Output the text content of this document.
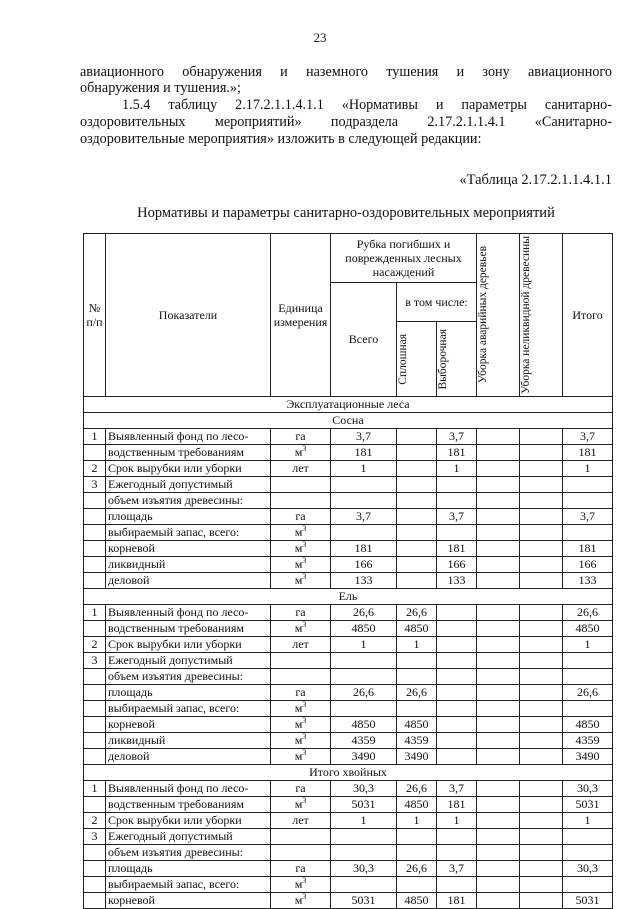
23
авиационного обнаружения и наземного тушения и зону авиационного
обнаружения и тушения.»;
1.5.4 таблицу 2.17.2.1.1.4.1.1 «Нормативы и параметры санитарно-оздоровительных мероприятий» подраздела 2.17.2.1.1.4.1 «Санитарно-оздоровительные мероприятия» изложить в следующей редакции:
«Таблица 2.17.2.1.1.4.1.1
Нормативы и параметры санитарно-оздоровительных мероприятий
№ п/п	Показатели	Единица измерения	Рубка погибших и поврежденных лесных насаждений			Уборка аварийных деревьев	Уборка неликвидной древесины	Итого
			Всего	в том числе:				

				Сплошная	Выборочная			

Эксплуатационные леса								
Сосна								
1	Выявленный фонд по лесо-	га	3,7		3,7			3,7
	водственным требованиям	$м^3$	181		181			181
2	Срок вырубки или уборки	лет	1		1			1
3	Ежегодный допустимый							
	объем изъятия древесины:							
	площадь	га	3,7		3,7			3,7
	выбираемый запас, всего:	$м^3$						
	корневой	$м^3$	181		181			181
	ликвидный	$м^3$	166		166			166
	деловой	$м^3$	133		133			133
Ель								
1	Выявленный фонд по лесо-	га	26,6	26,6				26,6
	водственным требованиям	$м^3$	4850	4850				4850
2	Срок вырубки или уборки	лет	1	1				1
3	Ежегодный допустимый							
	объем изъятия древесины:							
	площадь	га	26,6	26,6				26,6
	выбираемый запас, всего:	$м^3$						
	корневой	$м^3$	4850	4850				4850
	ликвидный	$м^3$	4359	4359				4359
	деловой	$м^3$	3490	3490				3490
Итого хвойных								
1	Выявленный фонд по лесо-	га	30,3	26,6	3,7			30,3
	водственным требованиям	$м^3$	5031	4850	181			5031
2	Срок вырубки или уборки	лет	1	1	1			1
3	Ежегодный допустимый							
	объем изъятия древесины:							
	площадь	га	30,3	26,6	3,7			30,3
	выбираемый запас, всего:	$м^3$						
	корневой	$м^3$	5031	4850	181			5031
